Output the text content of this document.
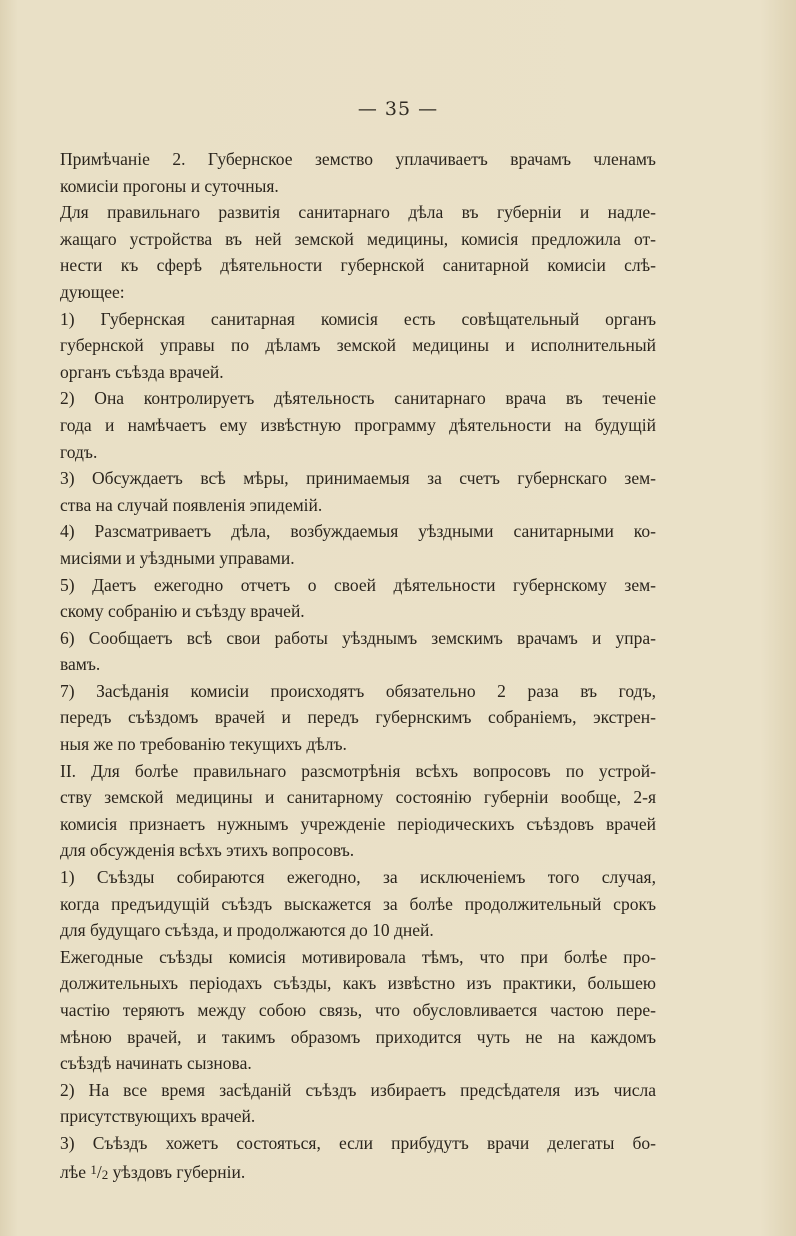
— 35 —
Примѣчаніе 2. Губернское земство уплачиваетъ врачамъ членамъ
комисіи прогоны и суточныя.
Для правильнаго развитія санитарнаго дѣла въ губерніи и надле-
жащаго устройства въ ней земской медицины, комисія предложила от-
нести къ сферѣ дѣятельности губернской санитарной комисіи слѣ-
дующее:
1) Губернская санитарная комисія есть совѣщательный органъ
губернской управы по дѣламъ земской медицины и исполнительный
органъ съѣзда врачей.
2) Она контролируетъ дѣятельность санитарнаго врача въ теченіе
года и намѣчаетъ ему извѣстную программу дѣятельности на будущій
годъ.
3) Обсуждаетъ всѣ мѣры, принимаемыя за счетъ губернскаго зем-
ства на случай появленія эпидемій.
4) Разсматриваетъ дѣла, возбуждаемыя уѣздными санитарными ко-
мисіями и уѣздными управами.
5) Даетъ ежегодно отчетъ о своей дѣятельности губернскому зем-
скому собранію и съѣзду врачей.
6) Сообщаетъ всѣ свои работы уѣзднымъ земскимъ врачамъ и упра-
вамъ.
7) Засѣданія комисіи происходятъ обязательно 2 раза въ годъ,
передъ съѣздомъ врачей и передъ губернскимъ собраніемъ, экстрен-
ныя же по требованію текущихъ дѣлъ.
II. Для болѣе правильнаго разсмотрѣнія всѣхъ вопросовъ по устрой-
ству земской медицины и санитарному состоянію губерніи вообще, 2-я
комисія признаетъ нужнымъ учрежденіе періодическихъ съѣздовъ врачей
для обсужденія всѣхъ этихъ вопросовъ.
1) Съѣзды собираются ежегодно, за исключеніемъ того случая,
когда предъидущій съѣздъ выскажется за болѣе продолжительный срокъ
для будущаго съѣзда, и продолжаются до 10 дней.
Ежегодные съѣзды комисія мотивировала тѣмъ, что при болѣе про-
должительныхъ періодахъ съѣзды, какъ извѣстно изъ практики, большею
частію теряютъ между собою связь, что обусловливается частою пере-
мѣною врачей, и такимъ образомъ приходится чуть не на каждомъ
съѣздѣ начинать сызнова.
2) На все время засѣданій съѣздъ избираетъ предсѣдателя изъ числа
присутствующихъ врачей.
3) Съѣздъ хожетъ состояться, если прибудутъ врачи делегаты бо-
лѣе $^1$/2 уѣздовъ губерніи.
